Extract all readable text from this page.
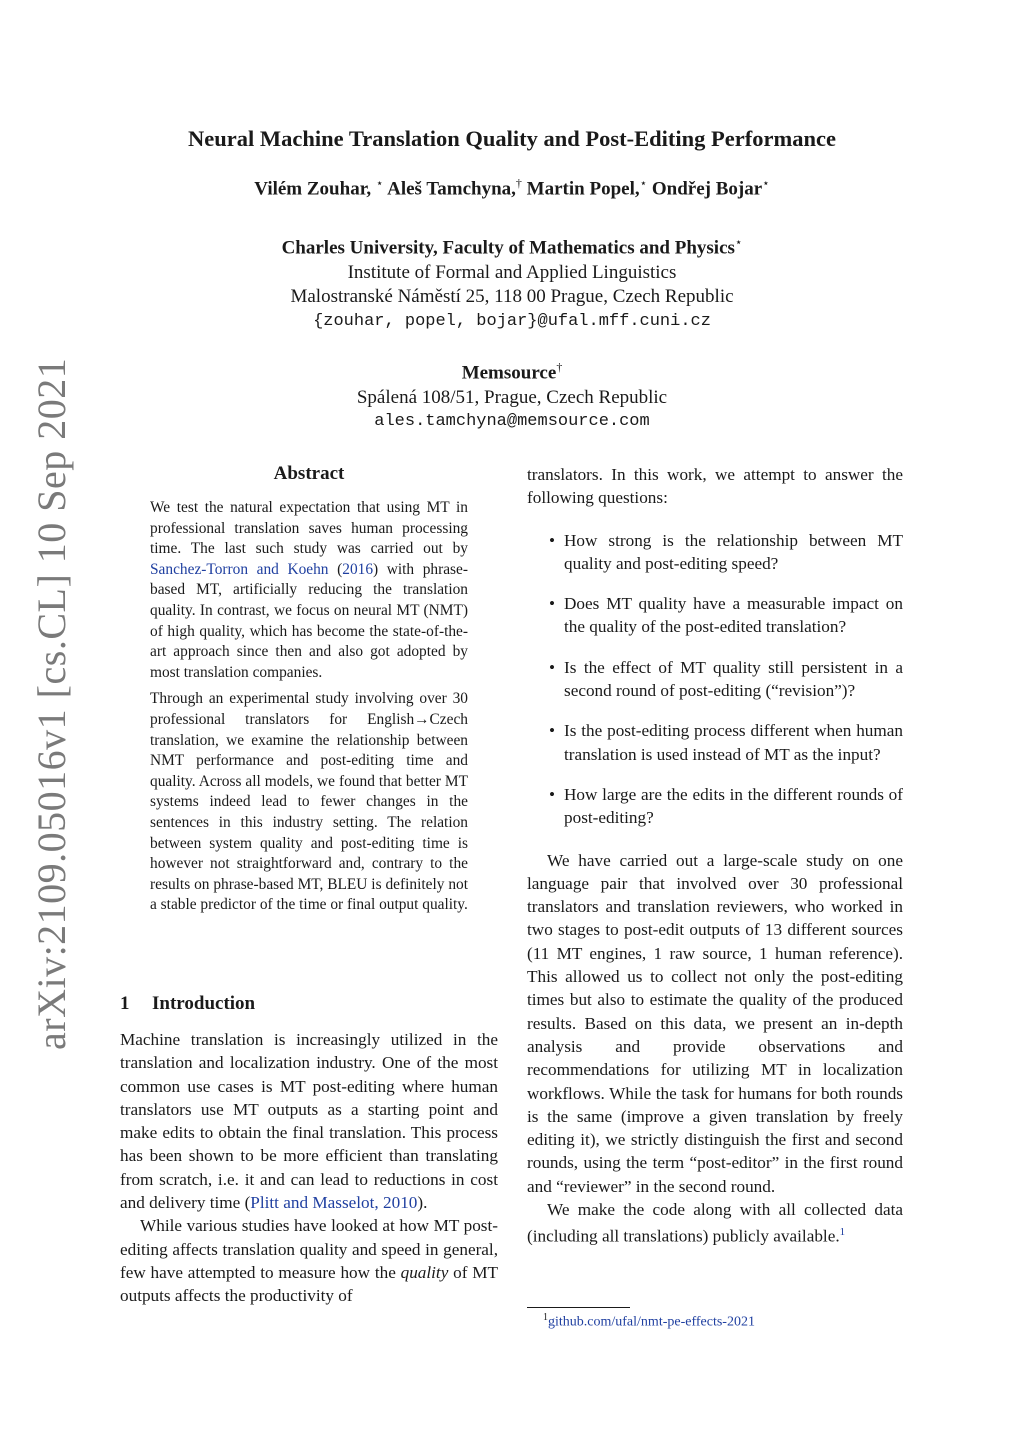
Neural Machine Translation Quality and Post-Editing Performance
Vilém Zouhar, ⋆ Aleš Tamchyna,† Martin Popel,⋆ Ondřej Bojar⋆
Charles University, Faculty of Mathematics and Physics⋆
Institute of Formal and Applied Linguistics
Malostranské Náměstí 25, 118 00 Prague, Czech Republic
{zouhar, popel, bojar}@ufal.mff.cuni.cz
Memsource†
Spálená 108/51, Prague, Czech Republic
ales.tamchyna@memsource.com
arXiv:2109.05016v1 [cs.CL] 10 Sep 2021	Abstract

We test the natural expectation that using MT in professional translation saves human processing time. The last such study was carried out by Sanchez-Torron and Koehn (2016) with phrase-based MT, artificially reducing the translation quality. In contrast, we focus on neural MT (NMT) of high quality, which has become the state-of-the-art approach since then and also got adopted by most translation companies.

Through an experimental study involving over 30 professional translators for English→Czech translation, we examine the relationship between NMT performance and post-editing time and quality. Across all models, we found that better MT systems indeed lead to fewer changes in the sentences in this industry setting. The relation between system quality and post-editing time is however not straightforward and, contrary to the results on phrase-based MT, BLEU is definitely not a stable predictor of the time or final output quality.

1 Introduction

Machine translation is increasingly utilized in the translation and localization industry. One of the most common use cases is MT post-editing where human translators use MT outputs as a starting point and make edits to obtain the final translation. This process has been shown to be more efficient than translating from scratch, i.e. it and can lead to reductions in cost and delivery time (Plitt and Masselot, 2010).

While various studies have looked at how MT post-editing affects translation quality and speed in general, few have attempted to measure how the quality of MT outputs affects the productivity of

translators. In this work, we attempt to answer the following questions:

• How strong is the relationship between MT quality and post-editing speed?
• Does MT quality have a measurable impact on the quality of the post-edited translation?
• Is the effect of MT quality still persistent in a second round of post-editing (“revision”)?
• Is the post-editing process different when human translation is used instead of MT as the input?
• How large are the edits in the different rounds of post-editing?

We have carried out a large-scale study on one language pair that involved over 30 professional translators and translation reviewers, who worked in two stages to post-edit outputs of 13 different sources (11 MT engines, 1 raw source, 1 human reference). This allowed us to collect not only the post-editing times but also to estimate the quality of the produced results. Based on this data, we present an in-depth analysis and provide observations and recommendations for utilizing MT in localization workflows. While the task for humans for both rounds is the same (improve a given translation by freely editing it), we strictly distinguish the first and second rounds, using the term “post-editor” in the first round and “reviewer” in the second round.

We make the code along with all collected data (including all translations) publicly available.$^1$

$^1$github.com/ufal/nmt-pe-effects-2021
